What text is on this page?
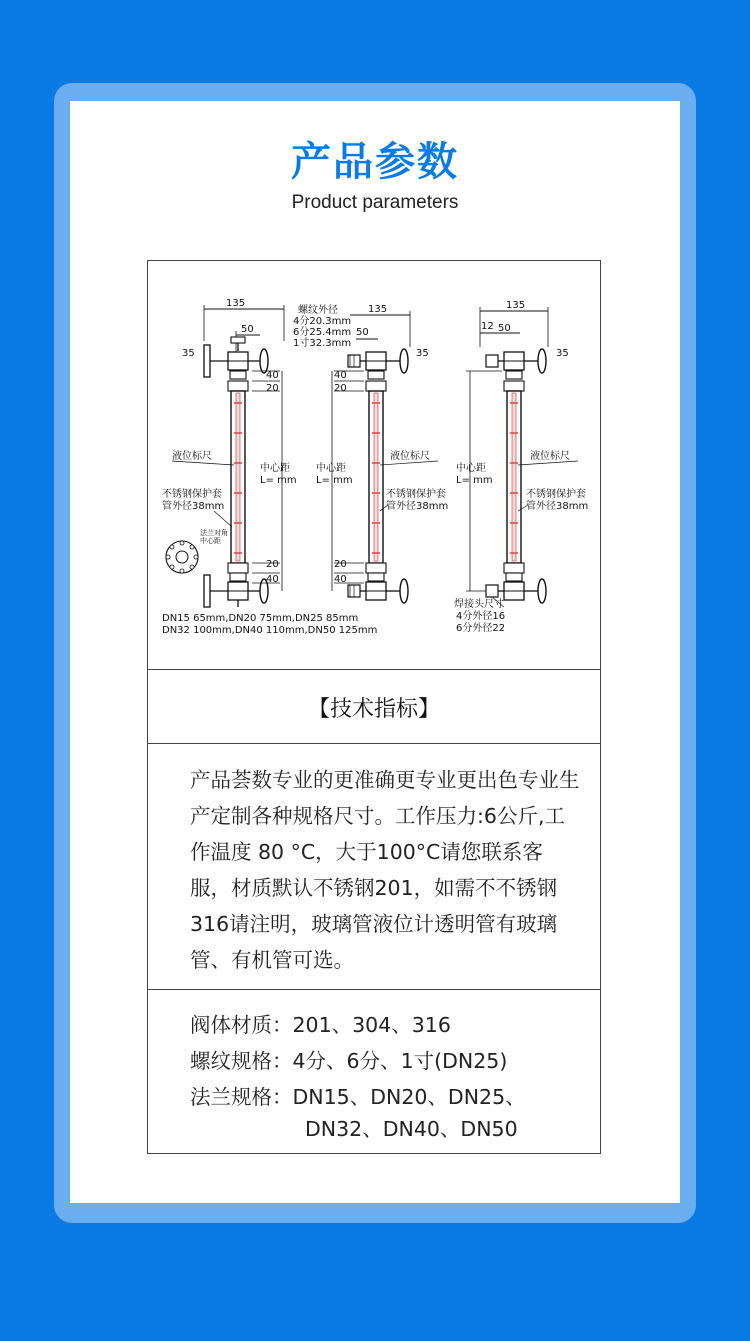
产品参数
Product parameters
135
50
35
40
20
20
40
中心距
L= mm
液位标尺
不锈钢保护套
管外径38mm
法兰对角
中心距
DN15 65mm,DN20 75mm,DN25 85mm
DN32 100mm,DN40 110mm,DN50 125mm
螺纹外径
4分20.3mm
6分25.4mm
1寸32.3mm
135
50
35
40
20
20
40
中心距
L= mm
液位标尺
不锈钢保护套
管外径38mm
135
12 50
35
中心距
L= mm
液位标尺
不锈钢保护套
管外径38mm
焊接头尺寸
4分外径16
6分外径22
【技术指标】
产品荟数专业的更准确更专业更出色专业生产定制各种规格尺寸。工作压力:6公斤,工作温度 80 °C，大于100°C请您联系客服，材质默认不锈钢201，如需不不锈钢 316请注明，玻璃管液位计透明管有玻璃管、有机管可选。
阀体材质：201、304、316
螺纹规格：4分、6分、1寸(DN25)
法兰规格：DN15、DN20、DN25、
DN32、DN40、DN50
